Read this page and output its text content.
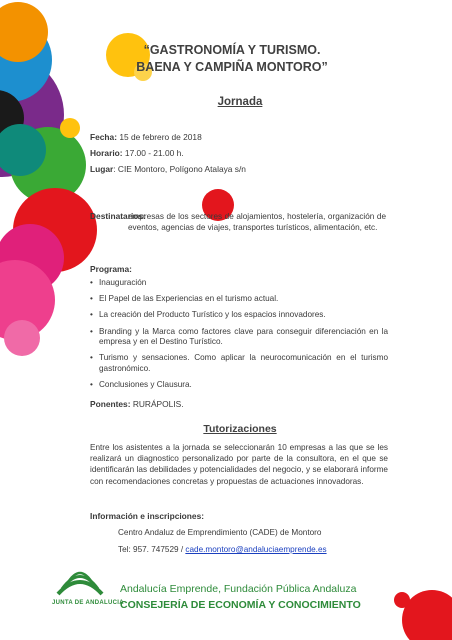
“GASTRONOMÍA Y TURISMO.
BAENA Y CAMPIÑA MONTORO”
Jornada
Fecha: 15 de febrero de 2018
Horario: 17.00 - 21.00 h.
Lugar: CIE Montoro, Polígono Atalaya s/n
Destinatarios:
empresas de los sectores de alojamientos, hostelería, organización de eventos, agencias de viajes, transportes turísticos, alimentación, etc.
Programa:
• Inauguración
• El Papel de las Experiencias en el turismo actual.
• La creación del Producto Turístico y los espacios innovadores.
• Branding y la Marca como factores clave para conseguir diferenciación en la empresa y en el Destino Turístico.
• Turismo y sensaciones. Como aplicar la neurocomunicación en el turismo gastronómico.
• Conclusiones y Clausura.
Ponentes: RURÁPOLIS.
Tutorizaciones
Entre los asistentes a la jornada se seleccionarán 10 empresas a las que se les realizará un diagnostico personalizado por parte de la consultora, en el que se identificarán las debilidades y potencialidades del negocio, y se elaborará informe con recomendaciones concretas y propuestas de actuaciones innovadoras.
Información e inscripciones:
Centro Andaluz de Emprendimiento (CADE) de Montoro
Tel: 957. 747529 / cade.montoro@andaluciaemprende.es
JUNTA DE ANDALUCIA
Andalucía Emprende, Fundación Pública Andaluza
CONSEJERÍA DE ECONOMÍA Y CONOCIMIENTO
